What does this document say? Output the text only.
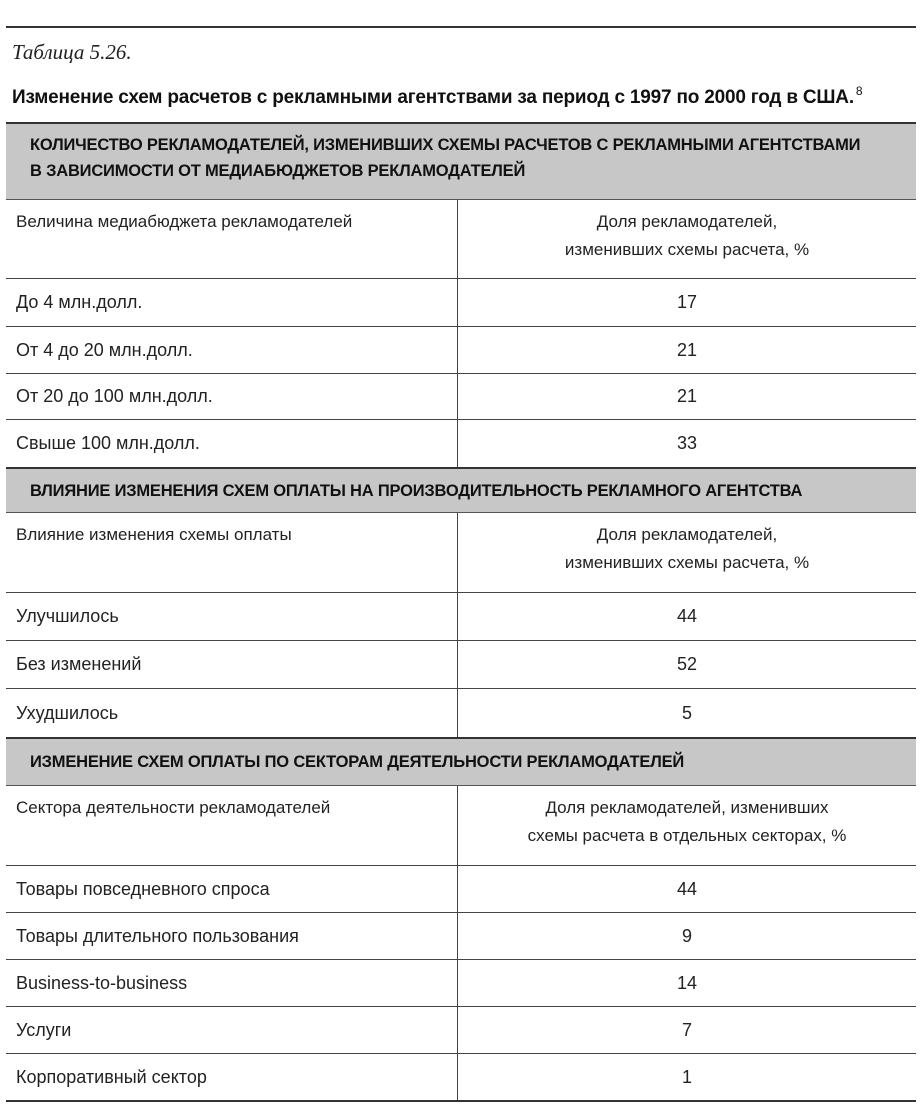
Таблица 5.26.
Изменение схем расчетов с рекламными агентствами за период с 1997 по 2000 год в США. $^8$
КОЛИЧЕСТВО РЕКЛАМОДАТЕЛЕЙ, ИЗМЕНИВШИХ СХЕМЫ РАСЧЕТОВ С РЕКЛАМНЫМИ АГЕНТСТВАМИ
В ЗАВИСИМОСТИ ОТ МЕДИАБЮДЖЕТОВ РЕКЛАМОДАТЕЛЕЙ
Величина медиабюджета рекламодателей	Доля рекламодателей,
изменивших схемы расчета, %
До 4 млн.долл.	17
От 4 до 20 млн.долл.	21
От 20 до 100 млн.долл.	21
Свыше 100 млн.долл.	33
ВЛИЯНИЕ ИЗМЕНЕНИЯ СХЕМ ОПЛАТЫ НА ПРОИЗВОДИТЕЛЬНОСТЬ РЕКЛАМНОГО АГЕНТСТВА
Влияние изменения схемы оплаты	Доля рекламодателей,
изменивших схемы расчета, %
Улучшилось	44
Без изменений	52
Ухудшилось	5
ИЗМЕНЕНИЕ СХЕМ ОПЛАТЫ ПО СЕКТОРАМ ДЕЯТЕЛЬНОСТИ РЕКЛАМОДАТЕЛЕЙ
Сектора деятельности рекламодателей	Доля рекламодателей, изменивших
схемы расчета в отдельных секторах, %
Товары повседневного спроса	44
Товары длительного пользования	9
Business-to-business	14
Услуги	7
Корпоративный сектор	1
